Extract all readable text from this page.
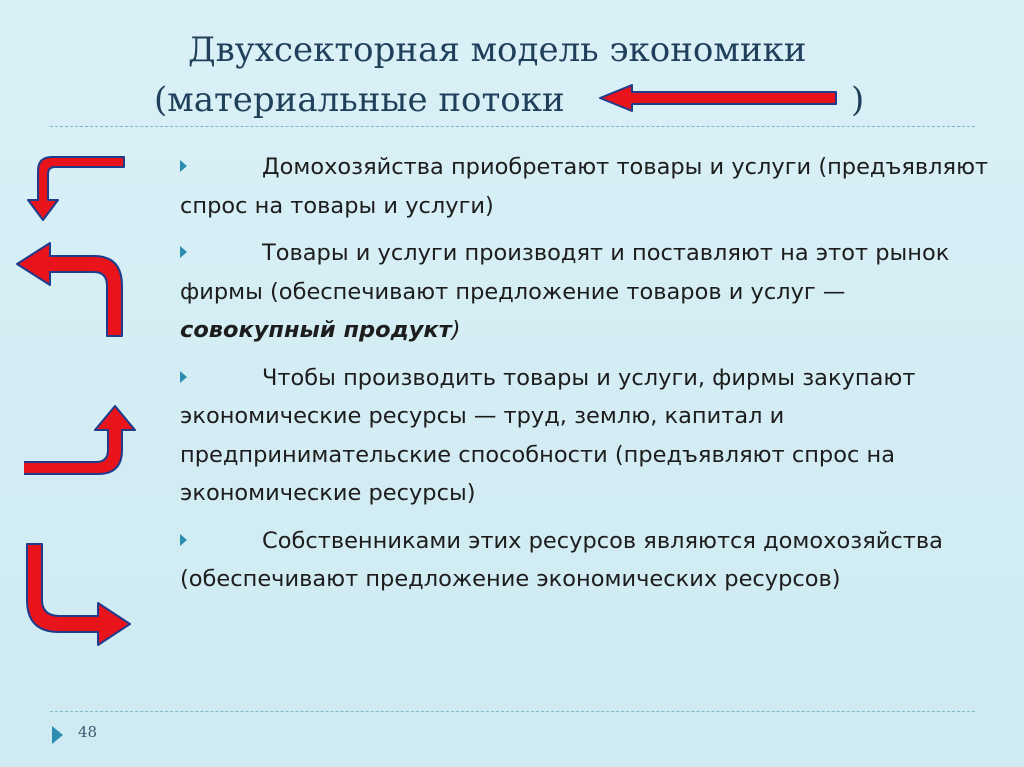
Двухсекторная модель экономики
(материальные потоки	)

Домохозяйства приобретают товары и услуги (предъявляют спрос на товары и услуги)

Товары и услуги производят и поставляют на этот рынок фирмы (обеспечивают предложение товаров и услуг — совокупный продукт)

Чтобы производить товары и услуги, фирмы закупают экономические ресурсы — труд, землю, капитал и предпринимательские способности (предъявляют спрос на экономические ресурсы)

Собственниками этих ресурсов являются домохозяйства (обеспечивают предложение экономических ресурсов)

48
